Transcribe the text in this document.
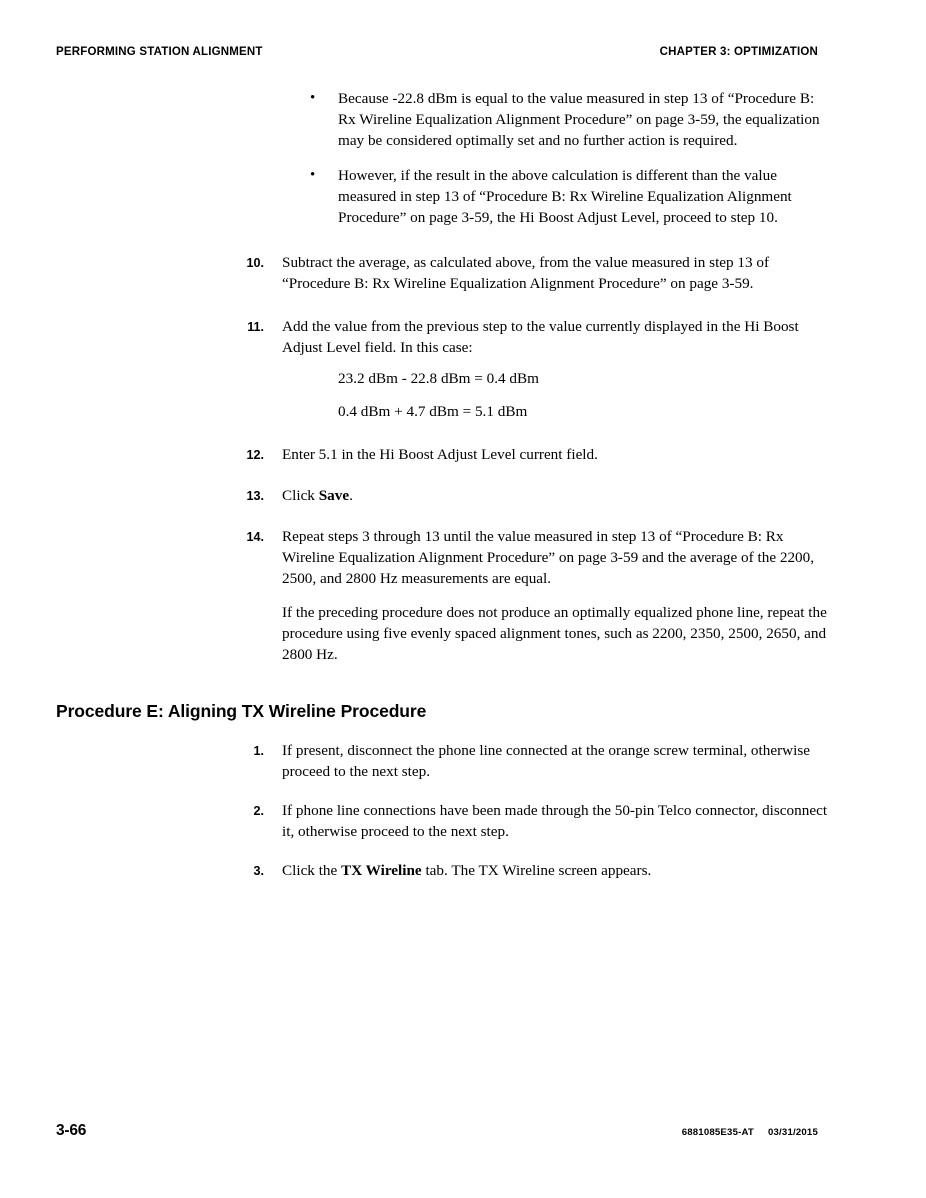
PERFORMING STATION ALIGNMENT	CHAPTER 3: OPTIMIZATION
• Because -22.8 dBm is equal to the value measured in step 13 of “Procedure B: Rx Wireline Equalization Alignment Procedure” on page 3-59, the equalization may be considered optimally set and no further action is required.
• However, if the result in the above calculation is different than the value measured in step 13 of “Procedure B: Rx Wireline Equalization Alignment Procedure” on page 3-59, the Hi Boost Adjust Level, proceed to step 10.
10. Subtract the average, as calculated above, from the value measured in step 13 of “Procedure B: Rx Wireline Equalization Alignment Procedure” on page 3-59.

11. Add the value from the previous step to the value currently displayed in the Hi Boost Adjust Level field. In this case:

23.2 dBm - 22.8 dBm = 0.4 dBm
0.4 dBm + 4.7 dBm = 5.1 dBm
12. Enter 5.1 in the Hi Boost Adjust Level current field.

13. Click Save.

14. Repeat steps 3 through 13 until the value measured in step 13 of “Procedure B: Rx Wireline Equalization Alignment Procedure” on page 3-59 and the average of the 2200, 2500, and 2800 Hz measurements are equal.

If the preceding procedure does not produce an optimally equalized phone line, repeat the procedure using five evenly spaced alignment tones, such as 2200, 2350, 2500, 2650, and 2800 Hz.

Procedure E: Aligning TX Wireline Procedure
1. If present, disconnect the phone line connected at the orange screw terminal, otherwise proceed to the next step.

2. If phone line connections have been made through the 50-pin Telco connector, disconnect it, otherwise proceed to the next step.

3. Click the TX Wireline tab. The TX Wireline screen appears.

3-66	6881085E35-AT 03/31/2015
